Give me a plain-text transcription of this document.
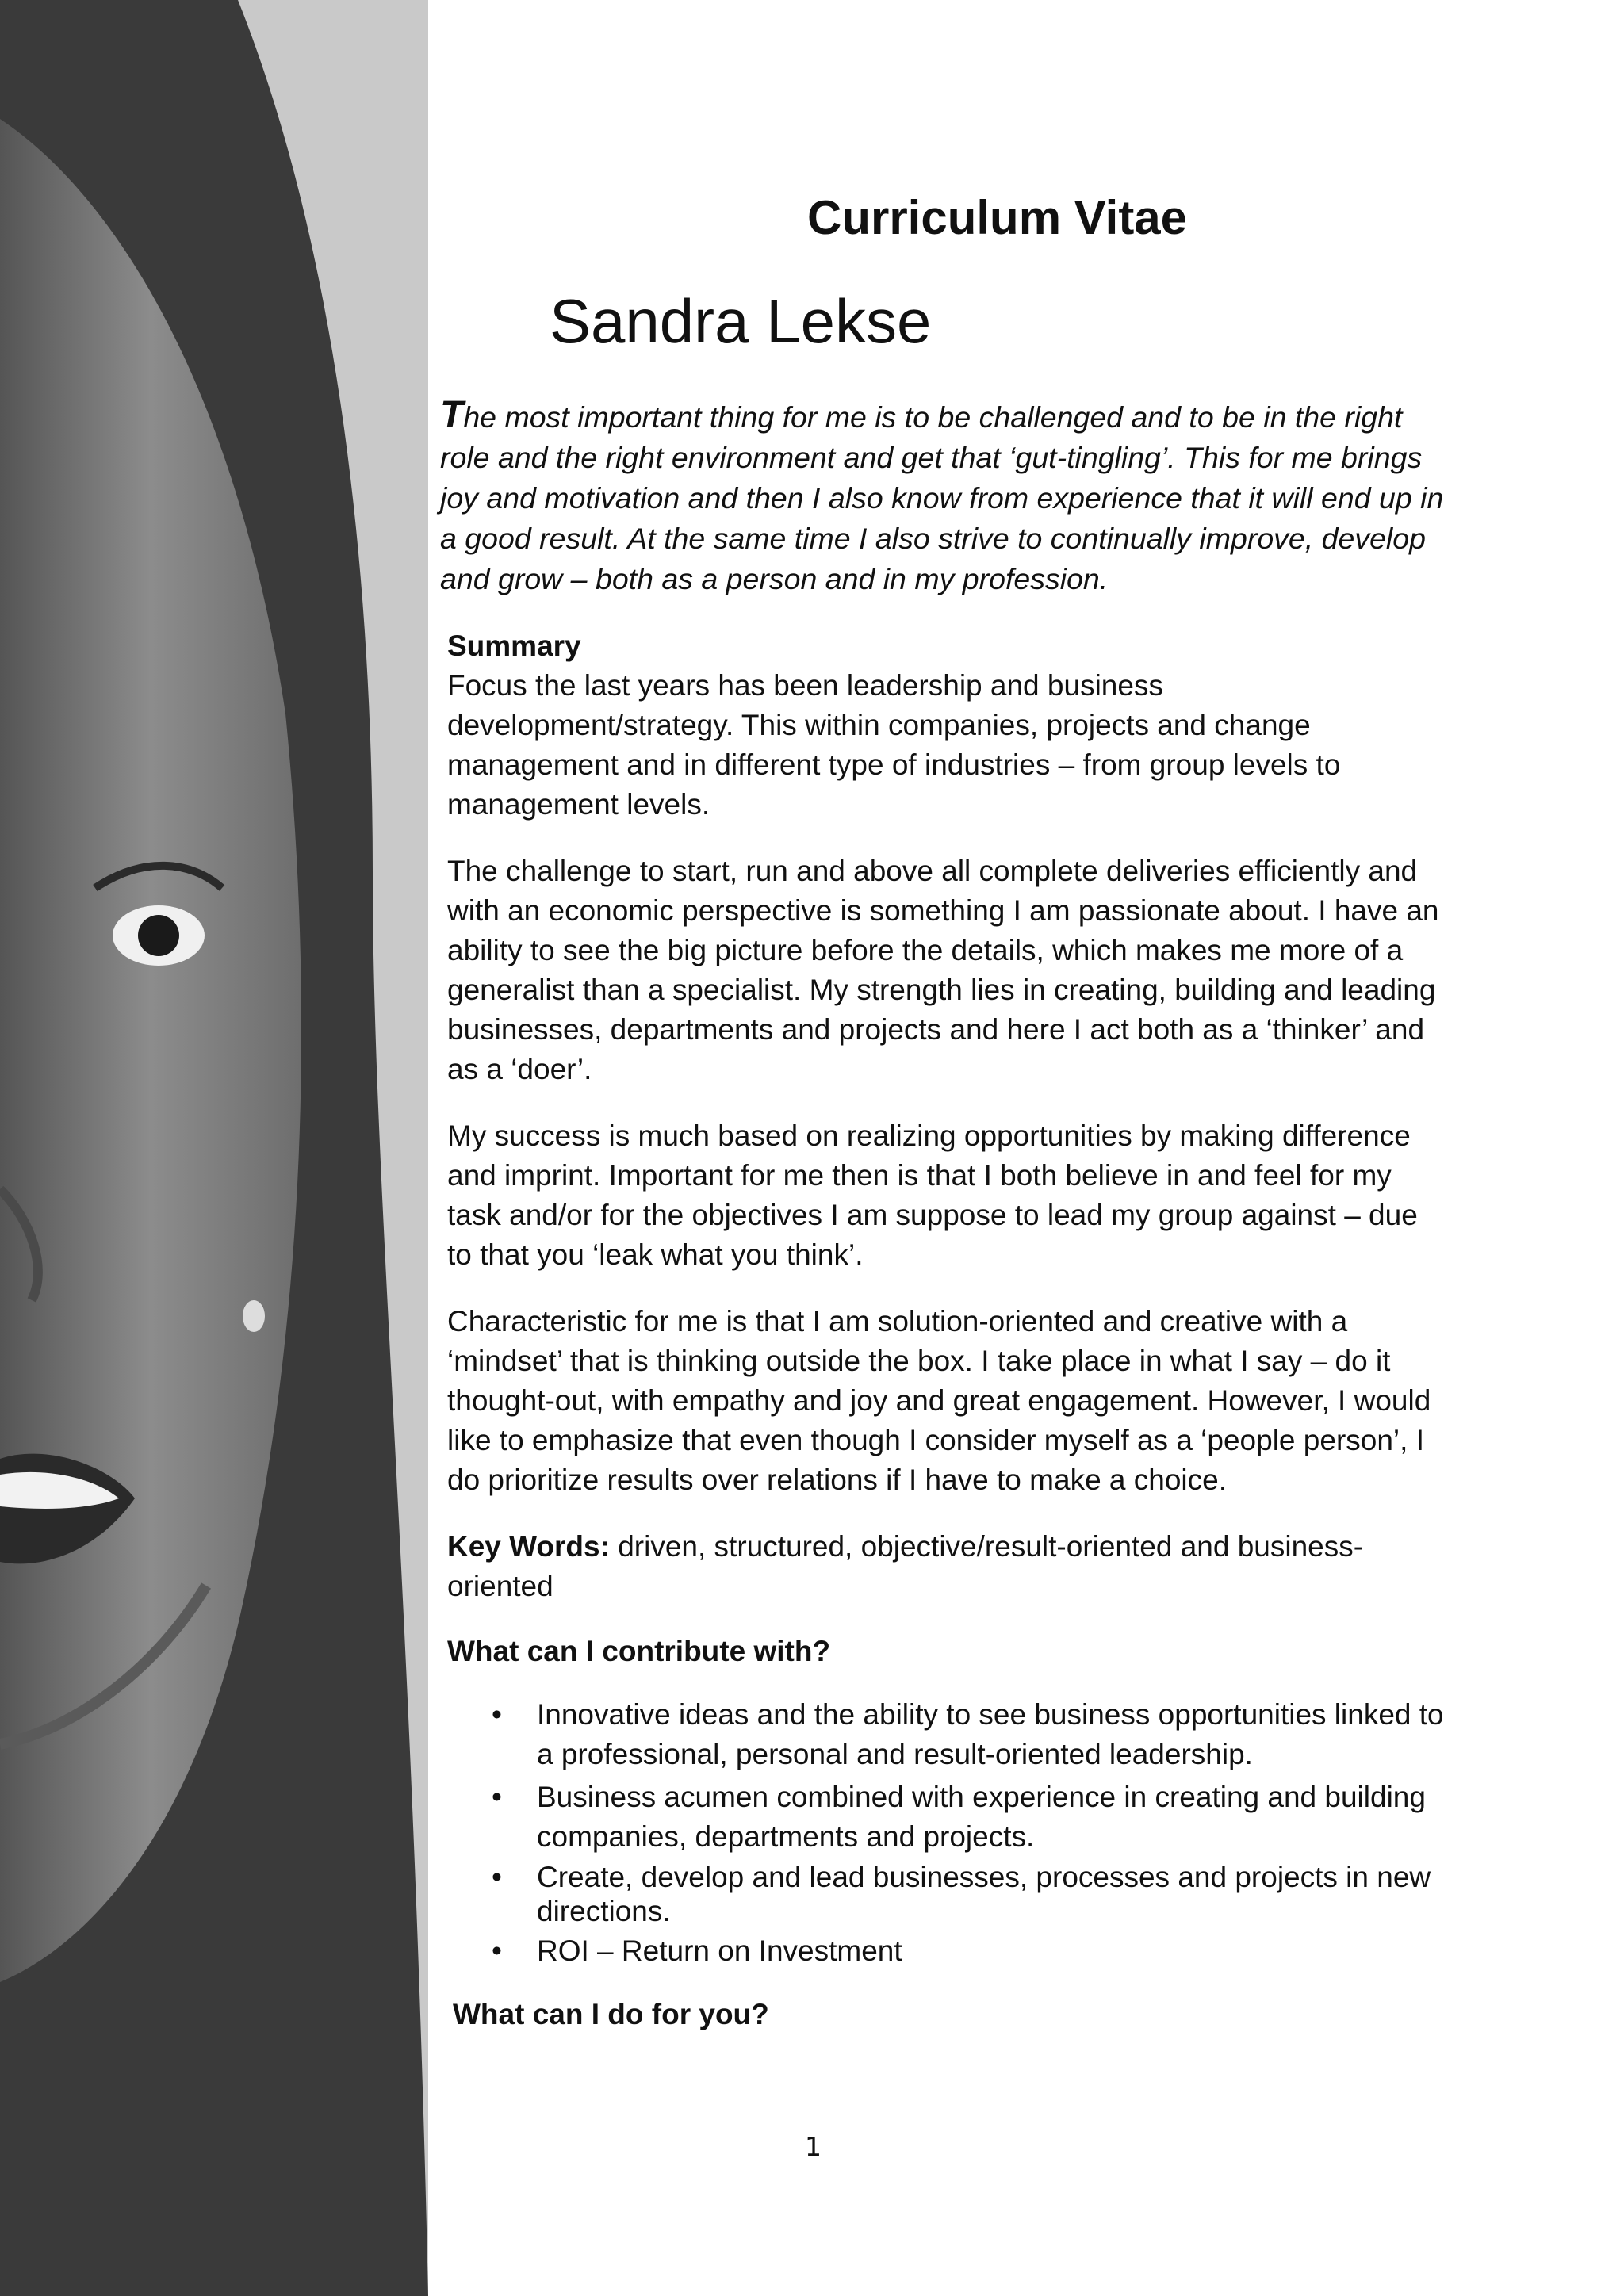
Curriculum Vitae
Sandra Lekse

The most important thing for me is to be challenged and to be in the right role and the right environment and get that ‘gut-tingling’. This for me brings joy and motivation and then I also know from experience that it will end up in a good result. At the same time I also strive to continually improve, develop and grow – both as a person and in my profession.

Summary

Focus the last years has been leadership and business development/strategy. This within companies, projects and change management and in different type of industries – from group levels to management levels.

The challenge to start, run and above all complete deliveries efficiently and with an economic perspective is something I am passionate about. I have an ability to see the big picture before the details, which makes me more of a generalist than a specialist. My strength lies in creating, building and leading businesses, departments and projects and here I act both as a ‘thinker’ and as a ‘doer’.

My success is much based on realizing opportunities by making difference and imprint. Important for me then is that I both believe in and feel for my task and/or for the objectives I am suppose to lead my group against – due to that you ‘leak what you think’.

Characteristic for me is that I am solution-oriented and creative with a ‘mindset’ that is thinking outside the box. I take place in what I say – do it thought-out, with empathy and joy and great engagement. However, I would like to emphasize that even though I consider myself as a ‘people person’, I do prioritize results over relations if I have to make a choice.

Key Words: driven, structured, objective/result-oriented and business-oriented

What can I contribute with?

• Innovative ideas and the ability to see business opportunities linked to a professional, personal and result-oriented leadership.
• Business acumen combined with experience in creating and building companies, departments and projects.
• Create, develop and lead businesses, processes and projects in new directions.
• ROI – Return on Investment

What can I do for you?

1
